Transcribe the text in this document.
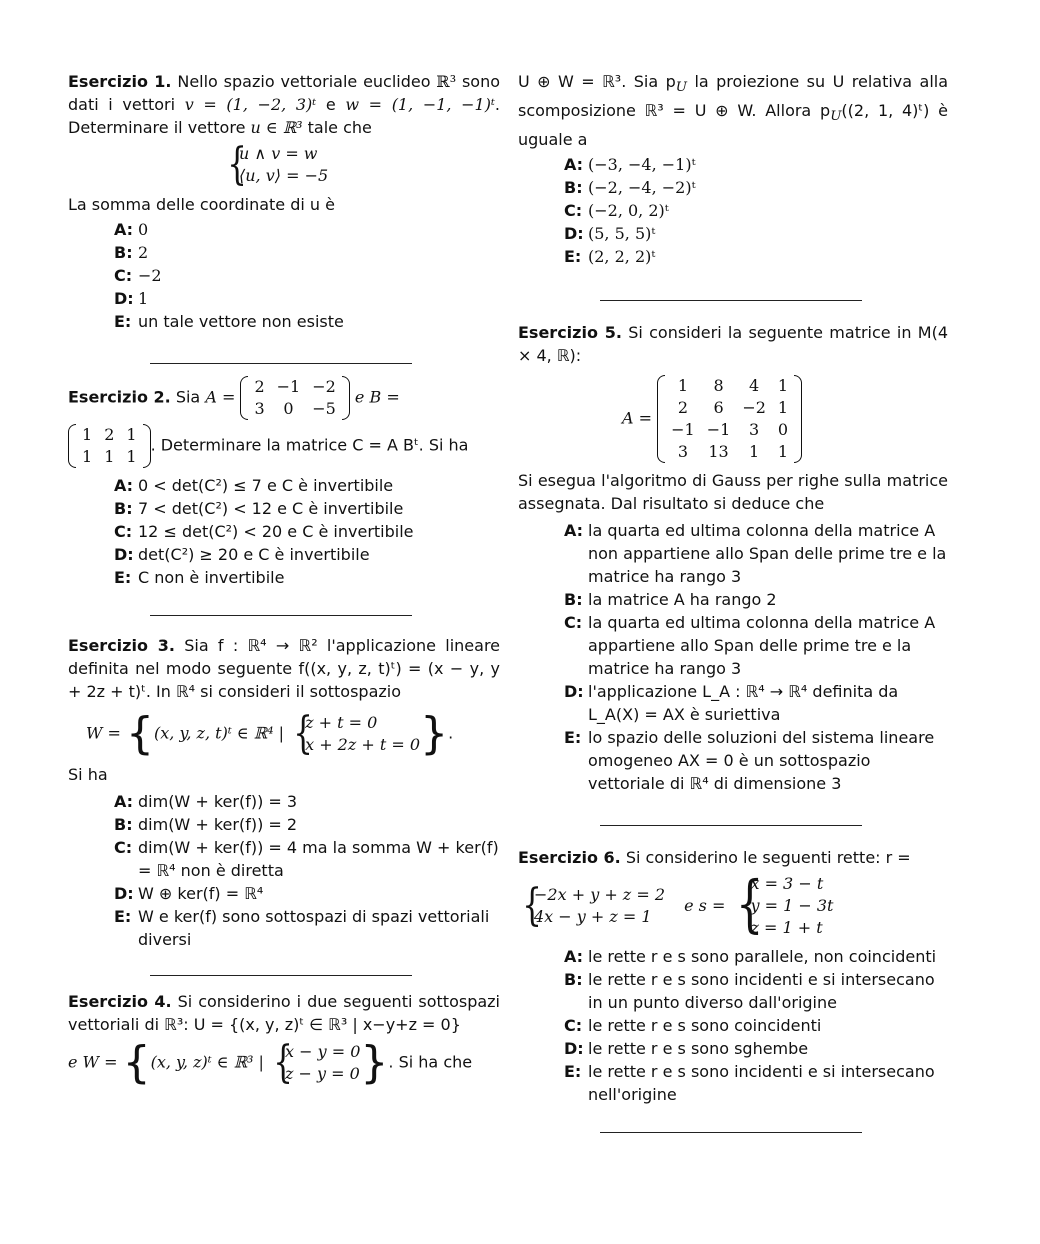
Esercizio 1. Nello spazio vettoriale euclideo ℝ³ sono dati i vettori v = (1, −2, 3)ᵗ e w = (1, −1, −1)ᵗ. Determinare il vettore u ∈ ℝ³ tale che

{
u ∧ v = w
⟨u, v⟩ = −5

La somma delle coordinate di u è

A: 0
B: 2
C: −2
D: 1
E: un tale vettore non esiste
Esercizio 2. Sia A =
2	−1	−2
3	0	−5
e B =
1	2	1
1	1	1
. Determinare la matrice C = A Bᵗ. Si ha
A: 0 < det(C²) ≤ 7 e C è invertibile
B: 7 < det(C²) < 12 e C è invertibile
C: 12 ≤ det(C²) < 20 e C è invertibile
D: det(C²) ≥ 20 e C è invertibile
E: C non è invertibile

Esercizio 3. Sia f : ℝ⁴ → ℝ² l'applicazione lineare definita nel modo seguente f((x, y, z, t)ᵗ) = (x − y, y + 2z + t)ᵗ. In ℝ⁴ si consideri il sottospazio

W = {(x, y, z, t)ᵗ ∈ ℝ⁴ | {
z + t = 0
x + 2z + t = 0 }.

Si ha

A: dim(W + ker(f)) = 3
B: dim(W + ker(f)) = 2
C: dim(W + ker(f)) = 4 ma la somma W + ker(f) = ℝ⁴ non è diretta
D: W ⊕ ker(f) = ℝ⁴
E: W e ker(f) sono sottospazi di spazi vettoriali diversi

Esercizio 4. Si considerino i due seguenti sottospazi vettoriali di ℝ³: U = {(x, y, z)ᵗ ∈ ℝ³ | x−y+z = 0}

e W = {(x, y, z)ᵗ ∈ ℝ³ | {
x − y = 0
z − y = 0 }. Si ha che

U ⊕ W = ℝ³. Sia $p_U$ la proiezione su U relativa alla scomposizione ℝ³ = U ⊕ W. Allora $p_U((2$, 1, 4)ᵗ) è uguale a

A: (−3, −4, −1)ᵗ
B: (−2, −4, −2)ᵗ
C: (−2, 0, 2)ᵗ
D: (5, 5, 5)ᵗ
E: (2, 2, 2)ᵗ

Esercizio 5. Si consideri la seguente matrice in M(4 × 4, ℝ):

A =
1	8	4	1
2	6	−2	1
−1	−1	3	0
3	13	1	1

Si esegua l'algoritmo di Gauss per righe sulla matrice assegnata. Dal risultato si deduce che

A: la quarta ed ultima colonna della matrice A non appartiene allo Span delle prime tre e la matrice ha rango 3
B: la matrice A ha rango 2
C: la quarta ed ultima colonna della matrice A appartiene allo Span delle prime tre e la matrice ha rango 3
D: l'applicazione L_A : ℝ⁴ → ℝ⁴ definita da L_A(X) = AX è suriettiva
E: lo spazio delle soluzioni del sistema lineare omogeneo AX = 0 è un sottospazio vettoriale di ℝ⁴ di dimensione 3

Esercizio 6. Si considerino le seguenti rette: r =

{
−2x + y + z = 2
4x − y + z = 1
e s = {
x = 3 − t
y = 1 − 3t
z = 1 + t
A: le rette r e s sono parallele, non coincidenti
B: le rette r e s sono incidenti e si intersecano in un punto diverso dall'origine
C: le rette r e s sono coincidenti
D: le rette r e s sono sghembe
E: le rette r e s sono incidenti e si intersecano nell'origine
